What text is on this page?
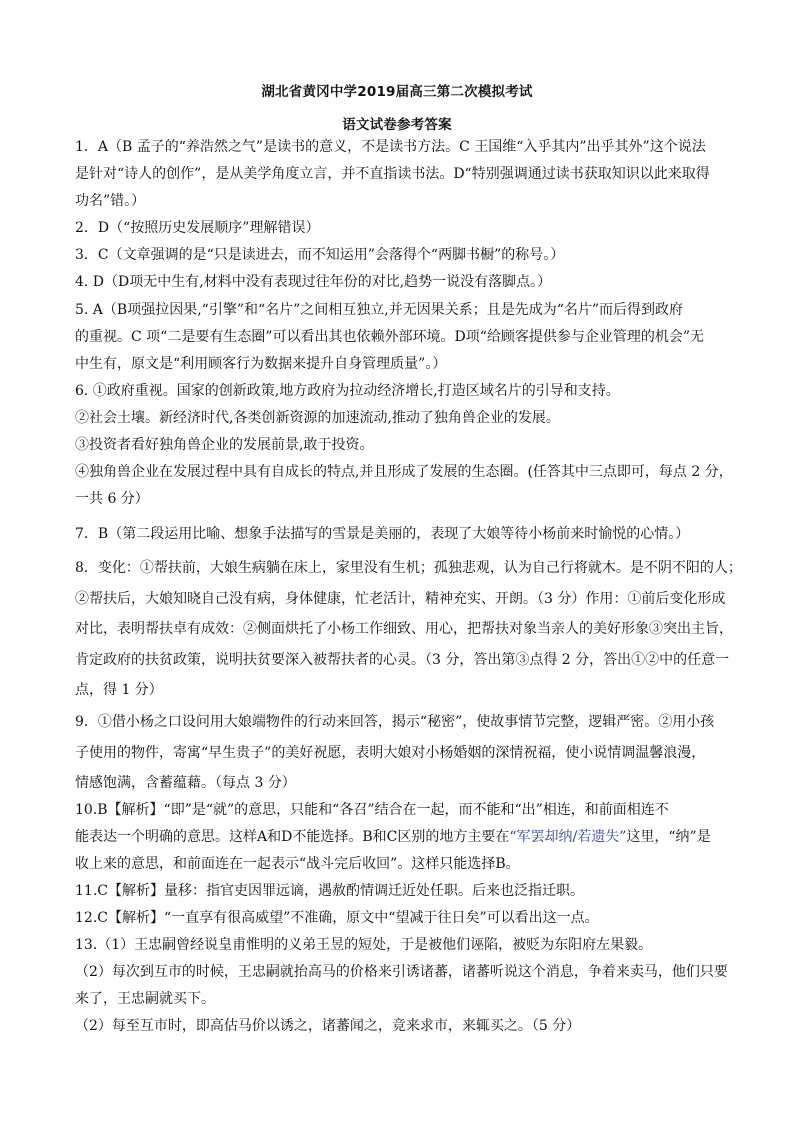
湖北省黄冈中学2019届高三第二次模拟考试
语文试卷参考答案
1．A（B 孟子的“养浩然之气”是读书的意义，不是读书方法。C 王国维“入乎其内”出乎其外”这个说法
是针对“诗人的创作”，是从美学角度立言，并不直指读书法。D“特别强调通过读书获取知识以此来取得
功名”错。）
2．D（“按照历史发展顺序”理解错误）
3．C（文章强调的是“只是读进去，而不知运用”会落得个“两脚书橱”的称号。）
4. D（D项无中生有,材料中没有表现过往年份的对比,趋势一说没有落脚点。）
5. A（B项强拉因果,“引擎”和“名片”之间相互独立,并无因果关系；且是先成为“名片”而后得到政府
的重视。C 项“二是要有生态圈”可以看出其也依赖外部环境。D项“给顾客提供参与企业管理的机会”无
中生有，原文是“利用顾客行为数据来提升自身管理质量”。）
6. ①政府重视。国家的创新政策,地方政府为拉动经济增长,打造区域名片的引导和支持。
②社会土壤。新经济时代,各类创新资源的加速流动,推动了独角兽企业的发展。
③投资者看好独角兽企业的发展前景,敢于投资。
④独角兽企业在发展过程中具有自成长的特点,并且形成了发展的生态圈。(任答其中三点即可，每点 2 分，
一共 6 分）
7．B（第二段运用比喻、想象手法描写的雪景是美丽的，表现了大娘等待小杨前来时愉悦的心情。）
8．变化：①帮扶前，大娘生病躺在床上，家里没有生机；孤独悲观，认为自己行将就木。是不阴不阳的人；
②帮扶后，大娘知晓自己没有病，身体健康，忙老活计，精神充实、开朗。（3 分）作用：①前后变化形成
对比，表明帮扶卓有成效：②侧面烘托了小杨工作细致、用心，把帮扶对象当亲人的美好形象③突出主旨，
肯定政府的扶贫政策，说明扶贫要深入被帮扶者的心灵。（3 分，答出第③点得 2 分，答出①②中的任意一
点，得 1 分）
9．①借小杨之口设问用大娘端物件的行动来回答，揭示“秘密”，使故事情节完整，逻辑严密。②用小孩
子使用的物件，寄寓“早生贵子”的美好祝愿，表明大娘对小杨婚姻的深情祝福，使小说情调温馨浪漫，
情感饱满，含蓄蕴藉。（每点 3 分）
10.B【解析】“即”是“就”的意思，只能和“各召”结合在一起，而不能和“出”相连，和前面相连不
能表达一个明确的意思。这样A和D不能选择。B和C区别的地方主要在“军罢却纳/若遗失”这里，“纳”是
收上来的意思，和前面连在一起表示“战斗完后收回”。这样只能选择B。
11.C【解析】量移：指官吏因罪远谪，遇赦酌情调迁近处任职。后来也泛指迁职。
12.C【解析】“一直享有很高威望”不准确，原文中“望减于往日矣”可以看出这一点。
13.（1）王忠嗣曾经说皇甫惟明的义弟王昱的短处，于是被他们诬陷，被贬为东阳府左果毅。
（2）每次到互市的时候，王忠嗣就抬高马的价格来引诱诸蕃，诸蕃听说这个消息，争着来卖马，他们只要
来了，王忠嗣就买下。
（2）每至互市时，即高估马价以诱之，诸蕃闻之，竞来求市，来辄买之。（5 分）
